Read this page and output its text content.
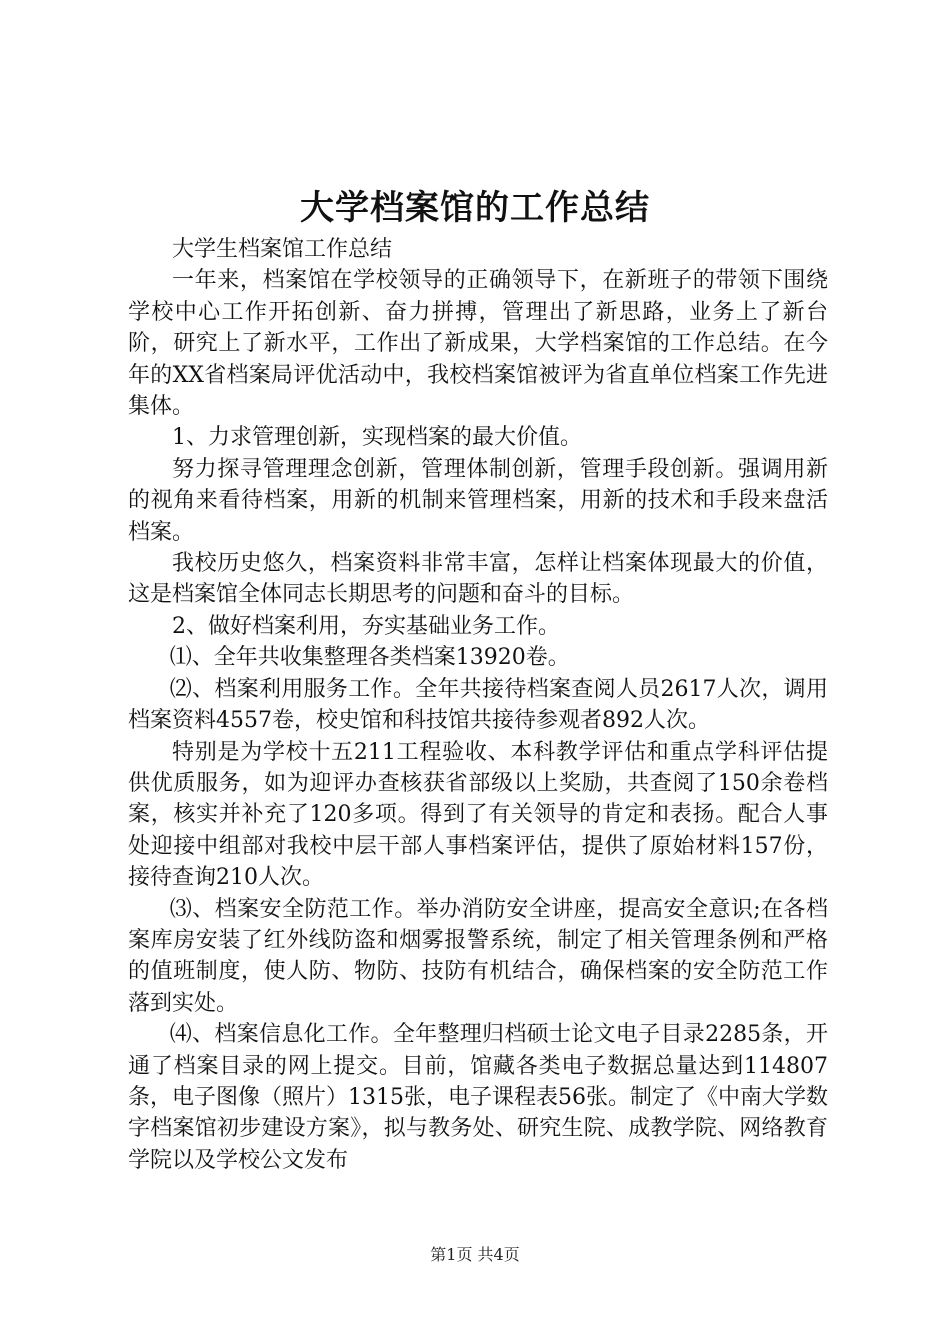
大学档案馆的工作总结

大学生档案馆工作总结

一年来，档案馆在学校领导的正确领导下，在新班子的带领下围绕学校中心工作开拓创新、奋力拼搏，管理出了新思路，业务上了新台阶，研究上了新水平，工作出了新成果，大学档案馆的工作总结。在今年的XX省档案局评优活动中，我校档案馆被评为省直单位档案工作先进集体。

1、力求管理创新，实现档案的最大价值。

努力探寻管理理念创新，管理体制创新，管理手段创新。强调用新的视角来看待档案，用新的机制来管理档案，用新的技术和手段来盘活档案。

我校历史悠久，档案资料非常丰富，怎样让档案体现最大的价值，这是档案馆全体同志长期思考的问题和奋斗的目标。

2、做好档案利用，夯实基础业务工作。

⑴、全年共收集整理各类档案13920卷。

⑵、档案利用服务工作。全年共接待档案查阅人员2617人次，调用档案资料4557卷，校史馆和科技馆共接待参观者892人次。

特别是为学校十五211工程验收、本科教学评估和重点学科评估提供优质服务，如为迎评办查核获省部级以上奖励，共查阅了150余卷档案，核实并补充了120多项。得到了有关领导的肯定和表扬。配合人事处迎接中组部对我校中层干部人事档案评估，提供了原始材料157份，接待查询210人次。

⑶、档案安全防范工作。举办消防安全讲座，提高安全意识;在各档案库房安装了红外线防盗和烟雾报警系统，制定了相关管理条例和严格的值班制度，使人防、物防、技防有机结合，确保档案的安全防范工作落到实处。

⑷、档案信息化工作。全年整理归档硕士论文电子目录2285条，开通了档案目录的网上提交。目前，馆藏各类电子数据总量达到114807条，电子图像（照片）1315张，电子课程表56张。制定了《中南大学数字档案馆初步建设方案》，拟与教务处、研究生院、成教学院、网络教育学院以及学校公文发布

第1页 共4页
